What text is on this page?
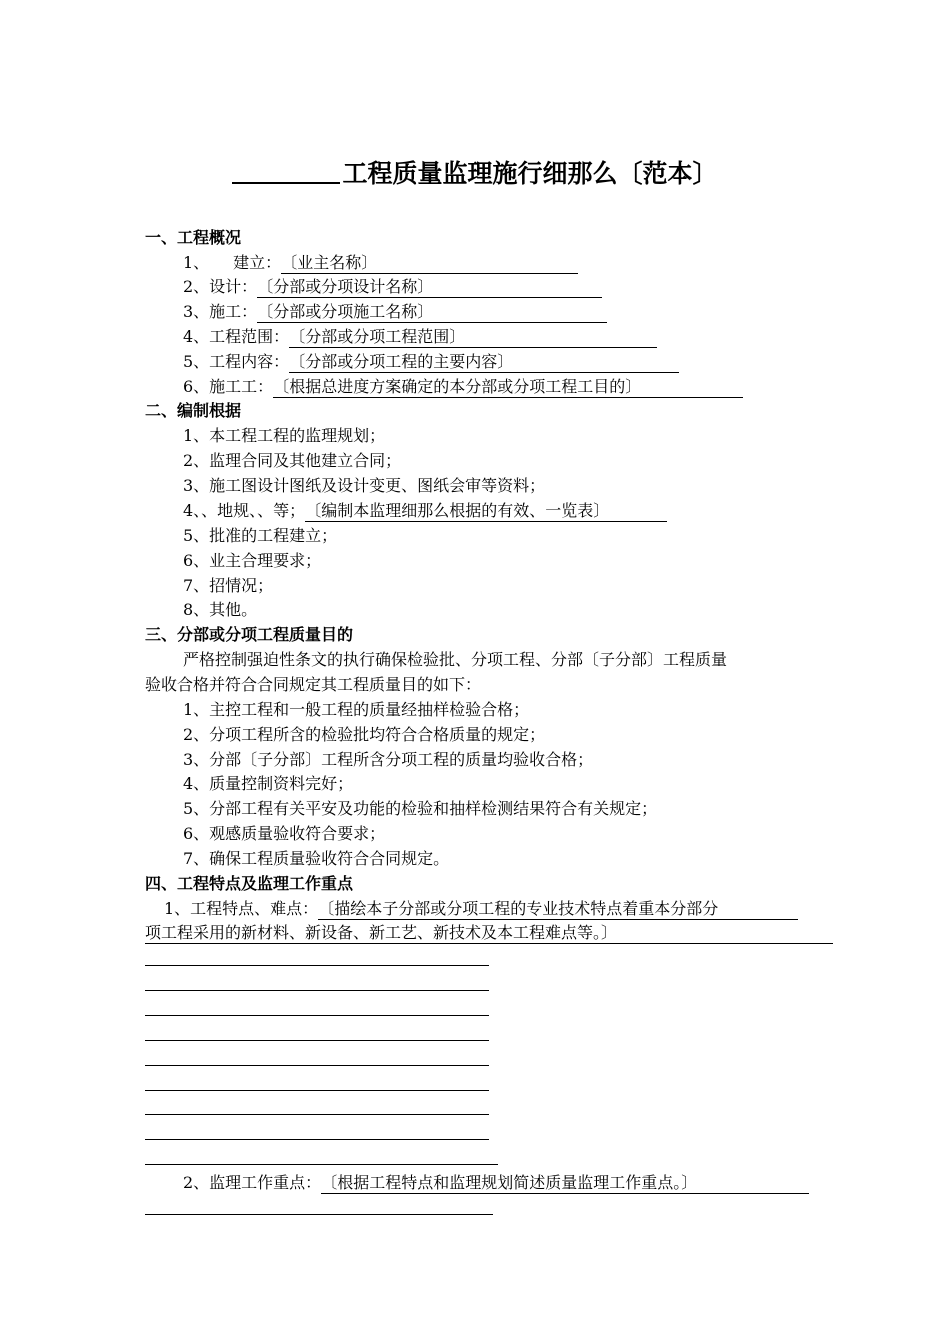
工程质量监理施行细那么〔范本〕
一、工程概况
1、　　建立：〔业主名称〕
2、设计：〔分部或分项设计名称〕
3、施工：〔分部或分项施工名称〕
4、工程范围：〔分部或分项工程范围〕
5、工程内容：〔分部或分项工程的主要内容〕
6、施工工：〔根据总进度方案确定的本分部或分项工程工目的〕
二、编制根据
1、本工程工程的监理规划；
2、监理合同及其他建立合同；
3、施工图设计图纸及设计变更、图纸会审等资料；
4、、地规、、等；〔编制本监理细那么根据的有效、一览表〕
5、批准的工程建立；
6、业主合理要求；
7、招情况；
8、其他。
三、分部或分项工程质量目的
严格控制强迫性条文的执行确保检验批、分项工程、分部〔子分部〕工程质量
验收合格并符合合同规定其工程质量目的如下：
1、主控工程和一般工程的质量经抽样检验合格；
2、分项工程所含的检验批均符合合格质量的规定；
3、分部〔子分部〕工程所含分项工程的质量均验收合格；
4、质量控制资料完好；
5、分部工程有关平安及功能的检验和抽样检测结果符合有关规定；
6、观感质量验收符合要求；
7、确保工程质量验收符合合同规定。
四、工程特点及监理工作重点
1、工程特点、难点：〔描绘本子分部或分项工程的专业技术特点着重本分部分
项工程采用的新材料、新设备、新工艺、新技术及本工程难点等。〕
2、监理工作重点：〔根据工程特点和监理规划简述质量监理工作重点。〕
